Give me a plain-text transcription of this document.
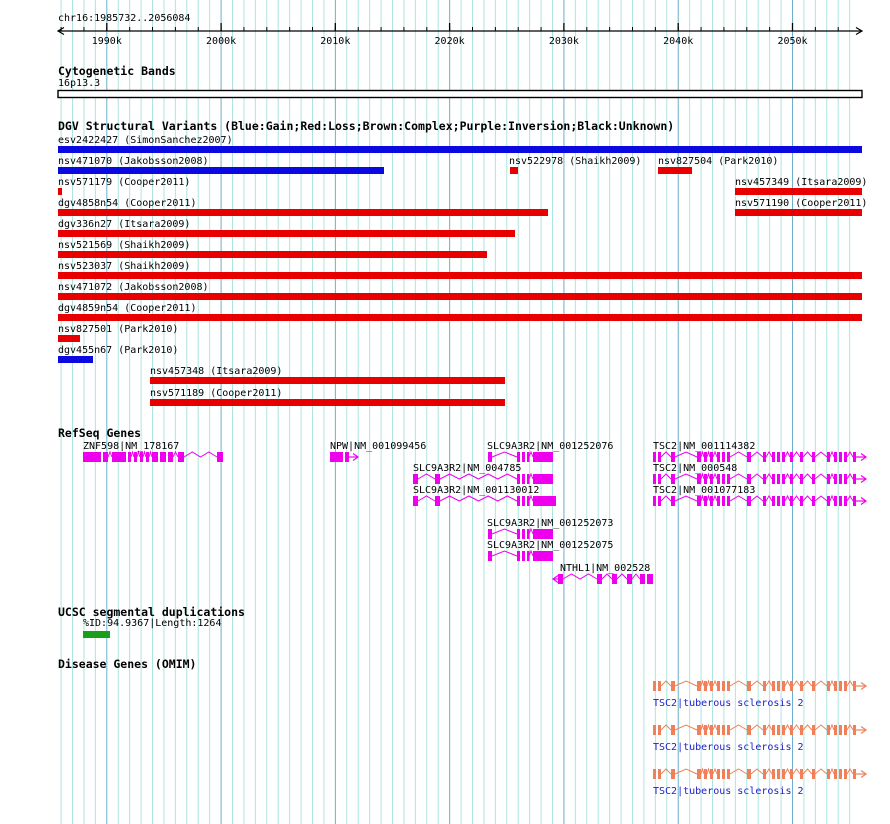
1990k	2000k	2010k	2020k	2030k	2040k	2050k
chr16:1985732..2056084
Cytogenetic Bands
16p13.3
DGV Structural Variants (Blue:Gain;Red:Loss;Brown:Complex;Purple:Inversion;Black:Unknown)
RefSeq Genes
UCSC segmental duplications
%ID:94.9367|Length:1264
Disease Genes (OMIM)
esv2422427 (SimonSanchez2007)
nsv471070 (Jakobsson2008)	nsv522978 (Shaikh2009) nsv827504 (Park2010)
nsv571179 (Cooper2011)	nsv457349 (Itsara2009)
dgv4858n54 (Cooper2011)	nsv571190 (Cooper2011)
dgv336n27 (Itsara2009)
nsv521569 (Shaikh2009)
nsv523037 (Shaikh2009)
nsv471072 (Jakobsson2008)
dgv4859n54 (Cooper2011)
nsv827501 (Park2010)
dgv455n67 (Park2010)
nsv457348 (Itsara2009)
nsv571189 (Cooper2011)
ZNF598|NM_178167	NPW|NM_001099456	SLC9A3R2|NM_001252076	TSC2|NM_001114382
SLC9A3R2|NM_004785	TSC2|NM_000548
SLC9A3R2|NM_001130012	TSC2|NM_001077183
SLC9A3R2|NM_001252073
SLC9A3R2|NM_001252075
NTHL1|NM_002528
TSC2|tuberous sclerosis 2
TSC2|tuberous sclerosis 2
TSC2|tuberous sclerosis 2
